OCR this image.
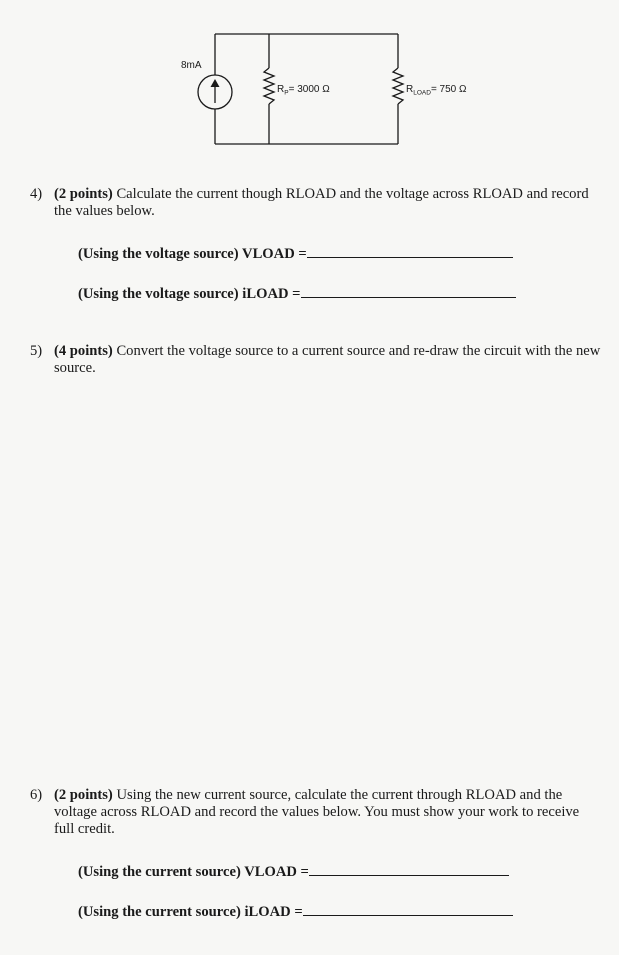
8mA
$R_P= 3000$ Ω	$R_{LOAD}= 750$ Ω
4) (2 points) Calculate the current though RLOAD and the voltage across RLOAD and record the values below.
(Using the voltage source) VLOAD =
(Using the voltage source) iLOAD =
5) (4 points) Convert the voltage source to a current source and re-draw the circuit with the new source.
6) (2 points) Using the new current source, calculate the current through RLOAD and the voltage across RLOAD and record the values below. You must show your work to receive full credit.
(Using the current source) VLOAD =
(Using the current source) iLOAD =
